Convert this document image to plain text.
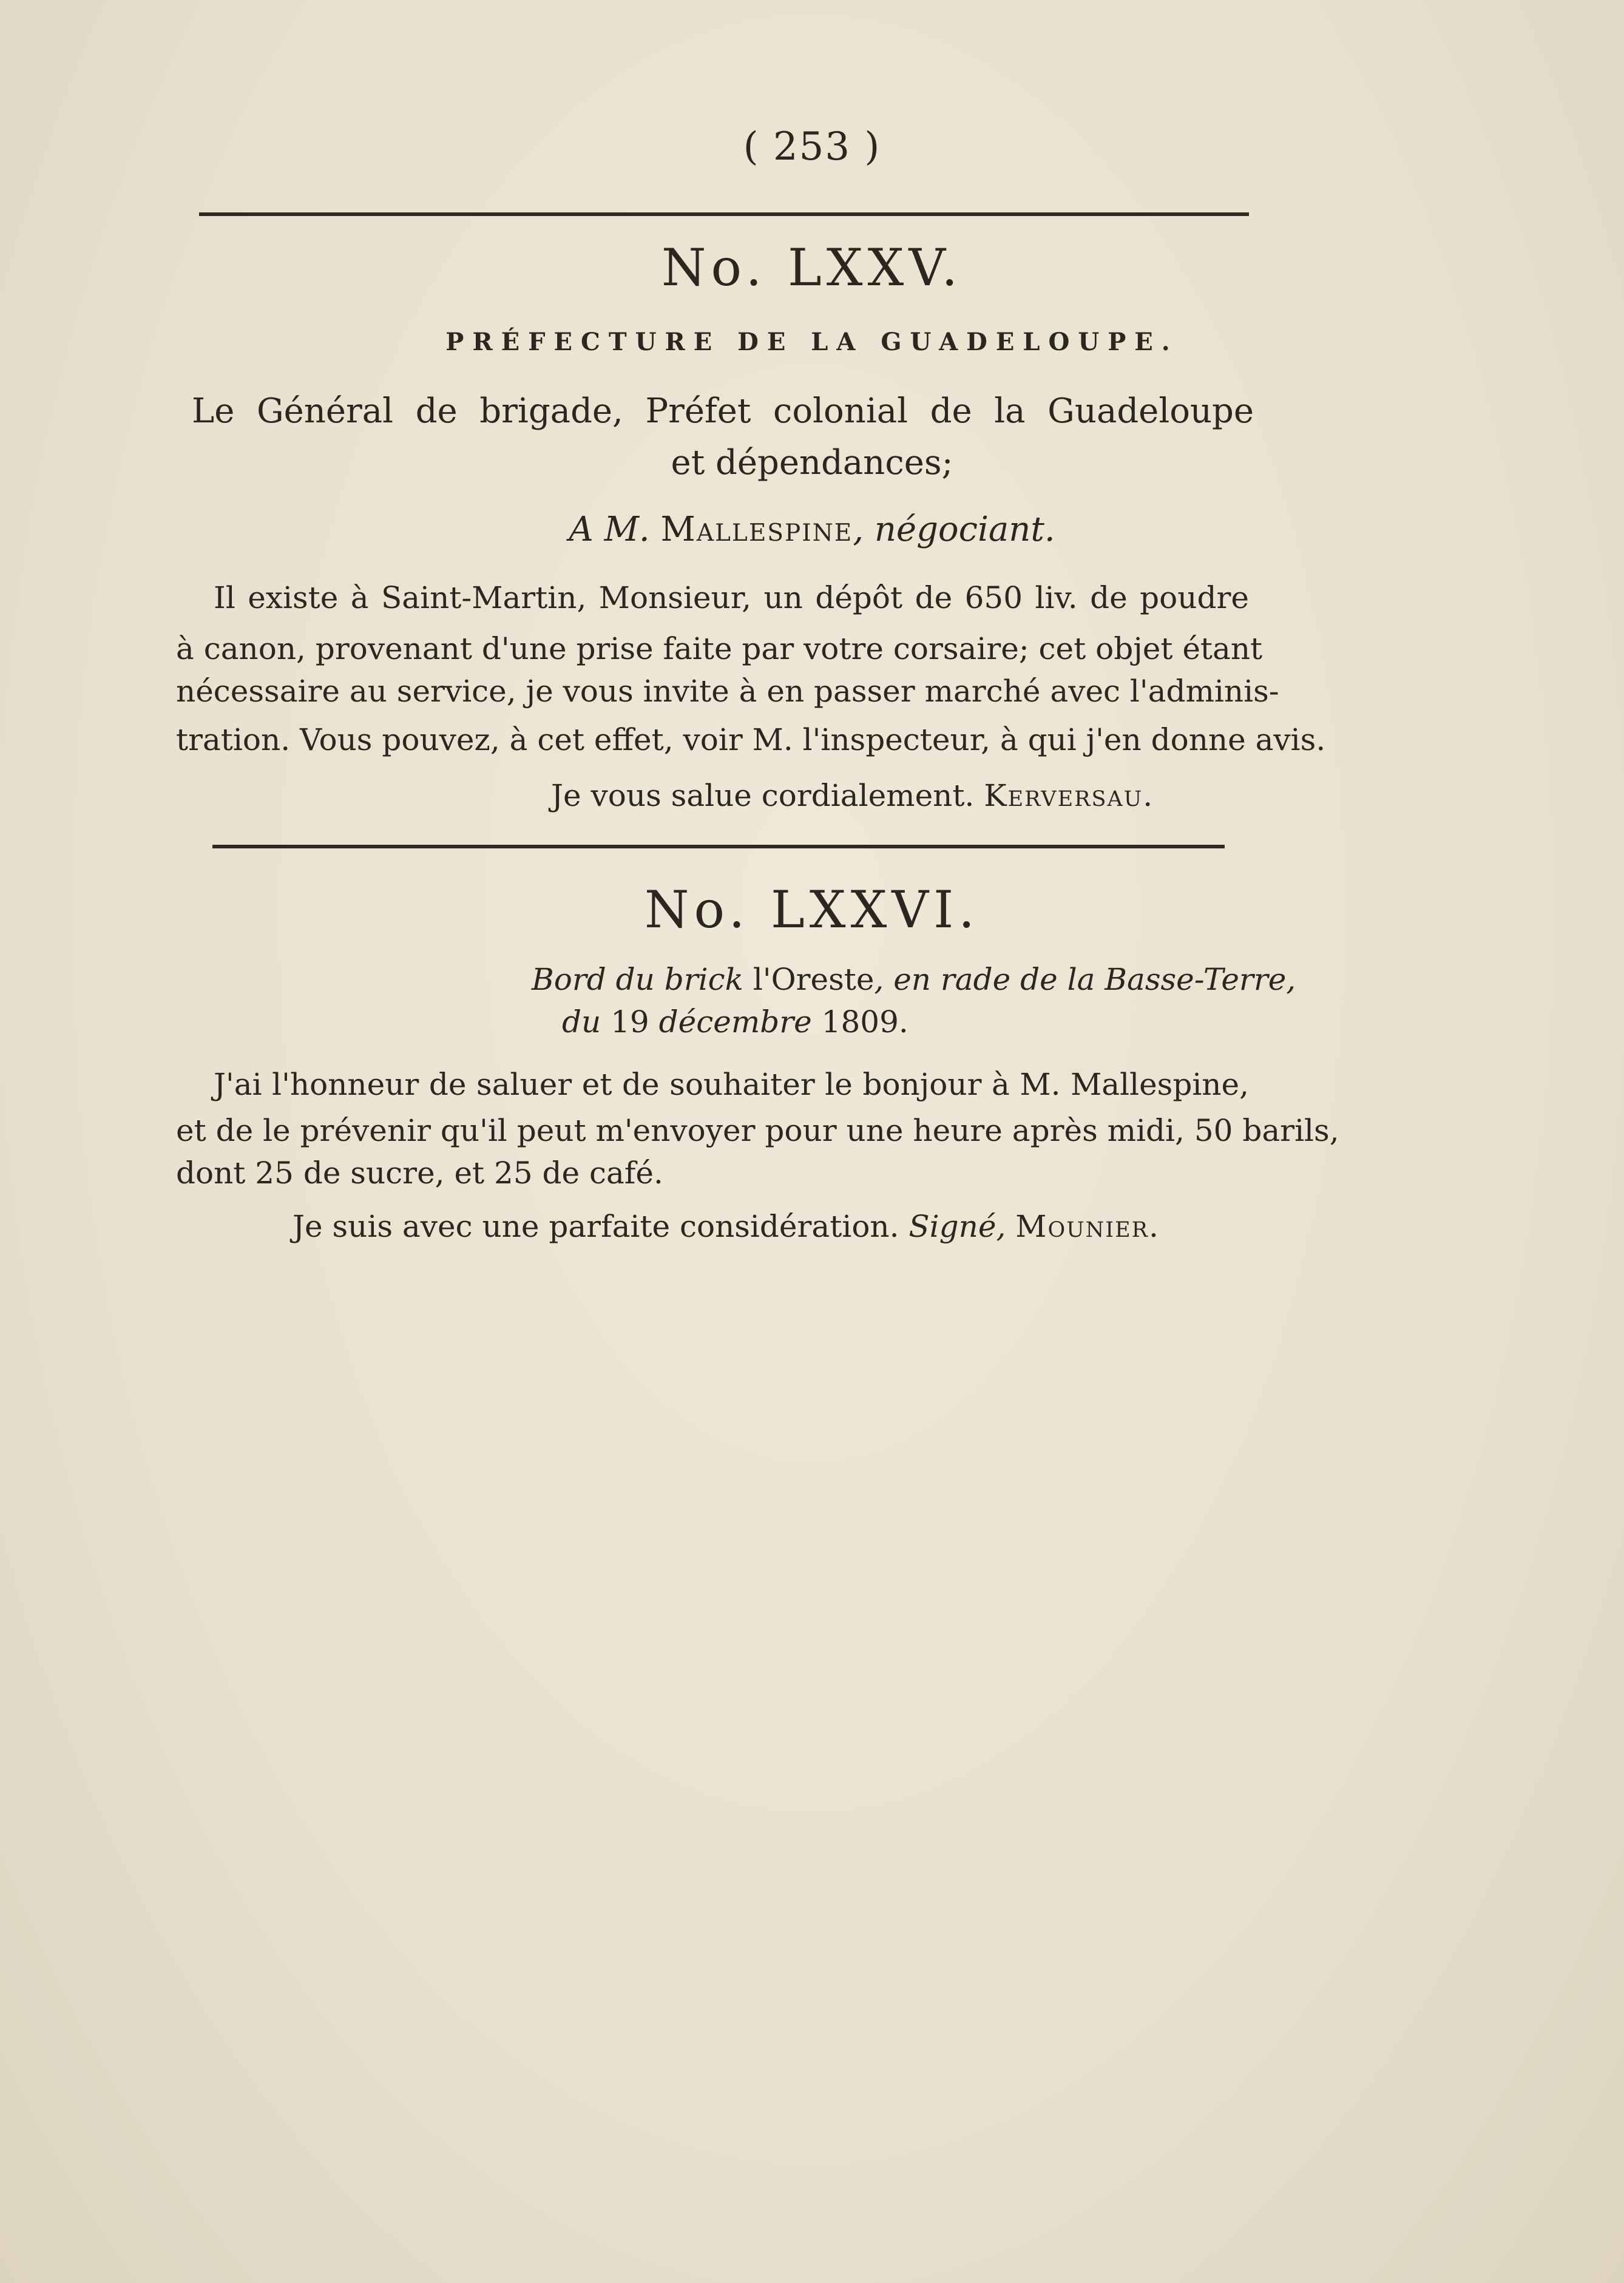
( 253 )
No. LXXV.
PRÉFECTURE DE LA GUADELOUPE.
Le Général de brigade, Préfet colonial de la Guadeloupe
et dépendances;
A M. Mallespine, négociant.
Il existe à Saint-Martin, Monsieur, un dépôt de 650 liv. de poudre
à canon, provenant d'une prise faite par votre corsaire; cet objet étant
nécessaire au service, je vous invite à en passer marché avec l'adminis-
tration. Vous pouvez, à cet effet, voir M. l'inspecteur, à qui j'en donne avis.
Je vous salue cordialement. Kerversau.
No. LXXVI.
Bord du brick l'Oreste, en rade de la Basse-Terre,
du 19 décembre 1809.
J'ai l'honneur de saluer et de souhaiter le bonjour à M. Mallespine,
et de le prévenir qu'il peut m'envoyer pour une heure après midi, 50 barils,
dont 25 de sucre, et 25 de café.
Je suis avec une parfaite considération. Signé, Mounier.
